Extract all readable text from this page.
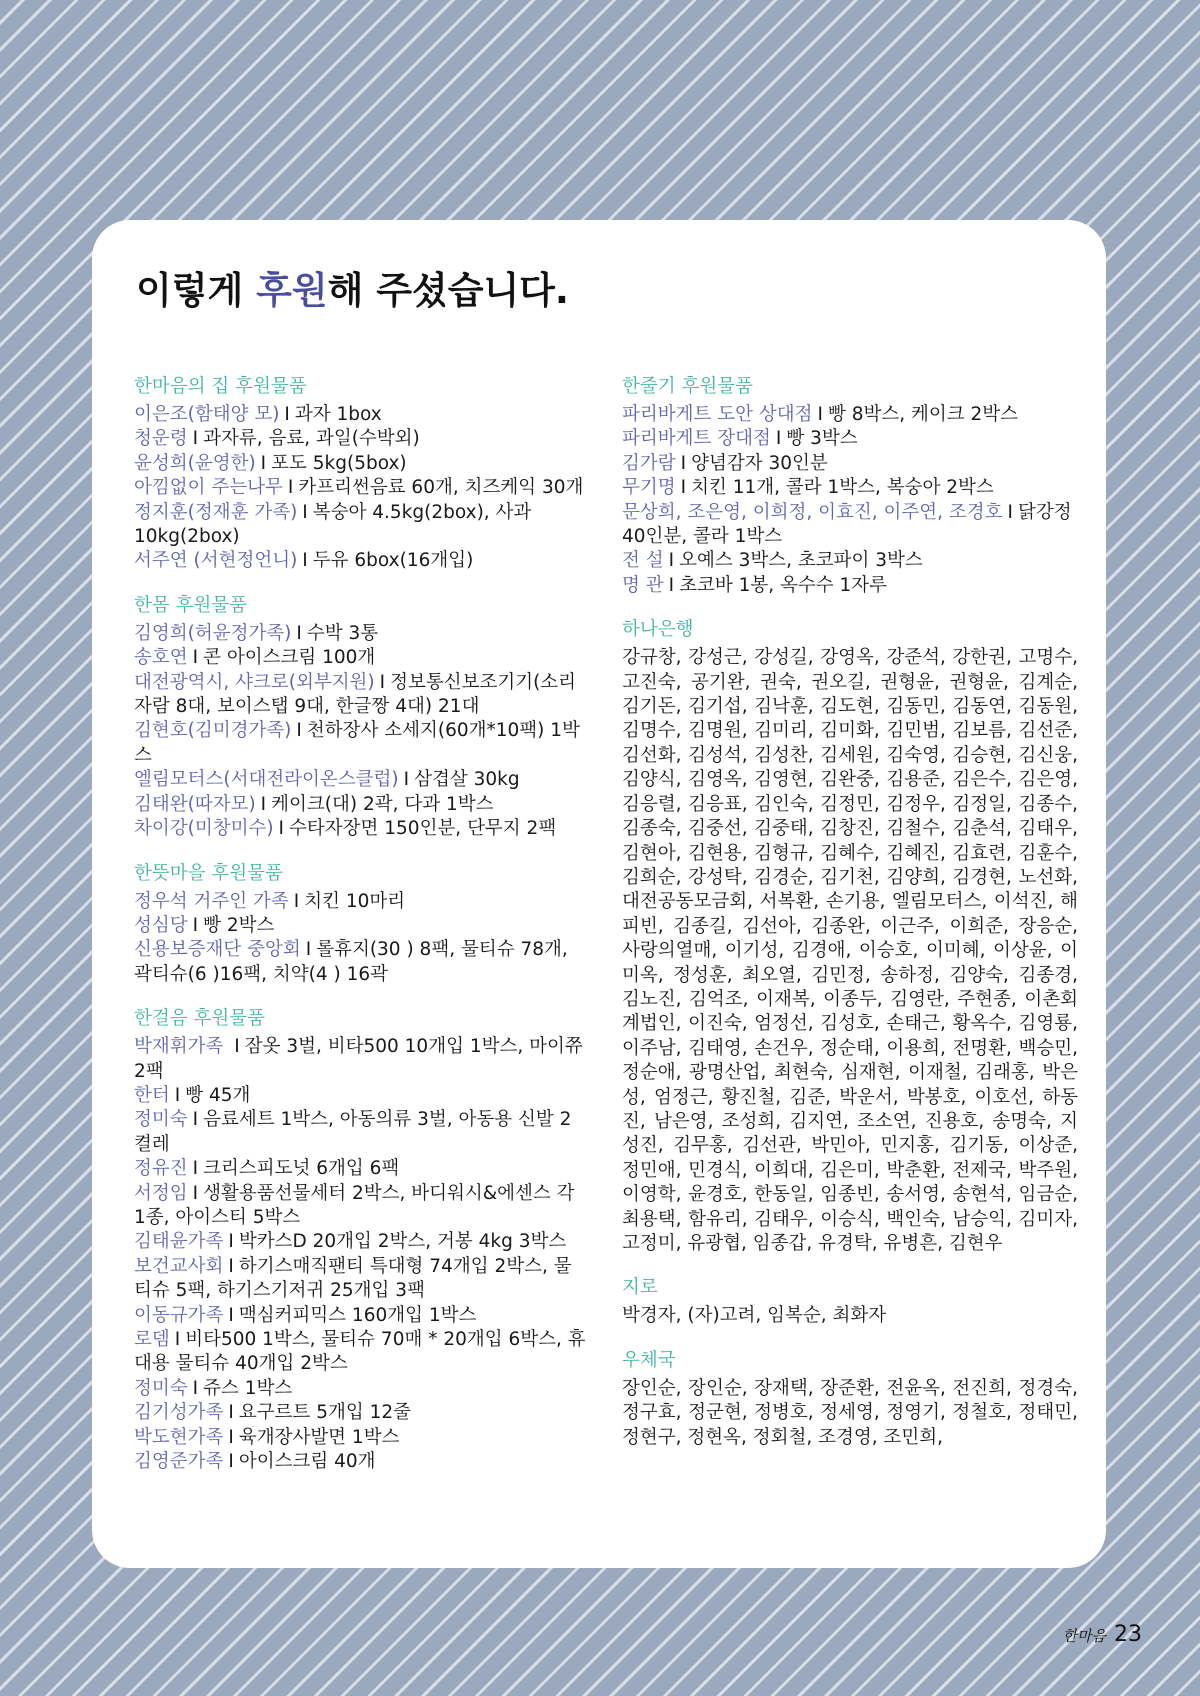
이렇게 후원해 주셨습니다.
한마음의 집 후원물품
이은조(함태양 모) I 과자 1box
청운령 I 과자류, 음료, 과일(수박외)
윤성희(윤영한) I 포도 5kg(5box)
아낌없이 주는나무 I 카프리썬음료 60개, 치즈케익 30개
정지훈(정재훈 가족) I 복숭아 4.5kg(2box), 사과 10kg(2box)
서주연 (서현정언니) I 두유 6box(16개입)
한몸 후원물품
김영희(허윤정가족) I 수박 3통
송호연 I 콘 아이스크림 100개
대전광역시, 샤크로(외부지원) I 정보통신보조기기(소리자람 8대, 보이스탭 9대, 한글짱 4대) 21대
김현호(김미경가족) I 천하장사 소세지(60개*10팩) 1박스
엘림모터스(서대전라이온스클럽) I 삼겹살 30kg
김태완(따자모) I 케이크(대) 2곽, 다과 1박스
차이강(미창미수) I 수타자장면 150인분, 단무지 2팩
한뜻마을 후원물품
정우석 거주인 가족 I 치킨 10마리
성심당 I 빵 2박스
신용보증재단 중앙회 I 롤휴지(30 ) 8팩, 물티슈 78개, 곽티슈(6 )16팩, 치약(4 ) 16곽
한걸음 후원물품
박재휘가족 I 잠옷 3벌, 비타500 10개입 1박스, 마이쮸 2팩
한터 I 빵 45개
정미숙 I 음료세트 1박스, 아동의류 3벌, 아동용 신발 2켤레
정유진 I 크리스피도넛 6개입 6팩
서정임 I 생활용품선물세터 2박스, 바디워시&에센스 각 1종, 아이스티 5박스
김태윤가족 I 박카스D 20개입 2박스, 거봉 4kg 3박스
보건교사회 I 하기스매직팬티 특대형 74개입 2박스, 물티슈 5팩, 하기스기저귀 25개입 3팩
이동규가족 I 맥심커피믹스 160개입 1박스
로뎀 I 비타500 1박스, 물티슈 70매 * 20개입 6박스, 휴대용 물티슈 40개입 2박스
정미숙 I 쥬스 1박스
김기성가족 I 요구르트 5개입 12줄
박도현가족 I 육개장사발면 1박스
김영준가족 I 아이스크림 40개
한줄기 후원물품
파리바게트 도안 상대점 I 빵 8박스, 케이크 2박스
파리바게트 장대점 I 빵 3박스
김가람 I 양념감자 30인분
무기명 I 치킨 11개, 콜라 1박스, 복숭아 2박스
문상희, 조은영, 이희정, 이효진, 이주연, 조경호 I 닭강정 40인분, 콜라 1박스
전 설 I 오예스 3박스, 초코파이 3박스
명 관 I 초코바 1봉, 옥수수 1자루
하나은행
강규창, 강성근, 강성길, 강영옥, 강준석, 강한권, 고명수, 고진숙, 공기완, 권숙, 권오길, 권형윤, 권형윤, 김계순, 김기돈, 김기섭, 김낙훈, 김도현, 김동민, 김동연, 김동원, 김명수, 김명원, 김미리, 김미화, 김민범, 김보름, 김선준, 김선화, 김성석, 김성찬, 김세원, 김숙영, 김승현, 김신웅, 김양식, 김영옥, 김영현, 김완중, 김용준, 김은수, 김은영, 김응렬, 김응표, 김인숙, 김정민, 김정우, 김정일, 김종수, 김종숙, 김중선, 김중태, 김창진, 김철수, 김춘석, 김태우, 김현아, 김현용, 김형규, 김혜수, 김혜진, 김효련, 김훈수, 김희순, 강성탁, 김경순, 김기천, 김양희, 김경현, 노선화, 대전공동모금회, 서복환, 손기용, 엘림모터스, 이석진, 해피빈, 김종길, 김선아, 김종완, 이근주, 이희준, 장응순, 사랑의열매, 이기성, 김경애, 이승호, 이미혜, 이상윤, 이미옥, 정성훈, 최오열, 김민정, 송하정, 김양숙, 김종경, 김노진, 김억조, 이재복, 이종두, 김영란, 주현종, 이촌회계법인, 이진숙, 엄정선, 김성호, 손태근, 황옥수, 김영룡, 이주남, 김태영, 손건우, 정순태, 이용희, 전명환, 백승민, 정순애, 광명산업, 최현숙, 심재현, 이재철, 김래홍, 박은성, 엄정근, 황진철, 김준, 박운서, 박봉호, 이호선, 하동진, 남은영, 조성희, 김지연, 조소연, 진용호, 송명숙, 지성진, 김무홍, 김선관, 박민아, 민지홍, 김기동, 이상준, 정민애, 민경식, 이희대, 김은미, 박춘환, 전제국, 박주원, 이영학, 윤경호, 한동일, 임종빈, 송서영, 송현석, 임금순, 최용택, 함유리, 김태우, 이승식, 백인숙, 남승익, 김미자, 고정미, 유광협, 임종갑, 유경탁, 유병흔, 김현우
지로
박경자, (자)고려, 임복순, 최화자
우체국
장인순, 장인순, 장재택, 장준환, 전윤옥, 전진희, 정경숙, 정구효, 정군현, 정병호, 정세영, 정영기, 정철호, 정태민, 정현구, 정현옥, 정회철, 조경영, 조민희,
한마음 23
